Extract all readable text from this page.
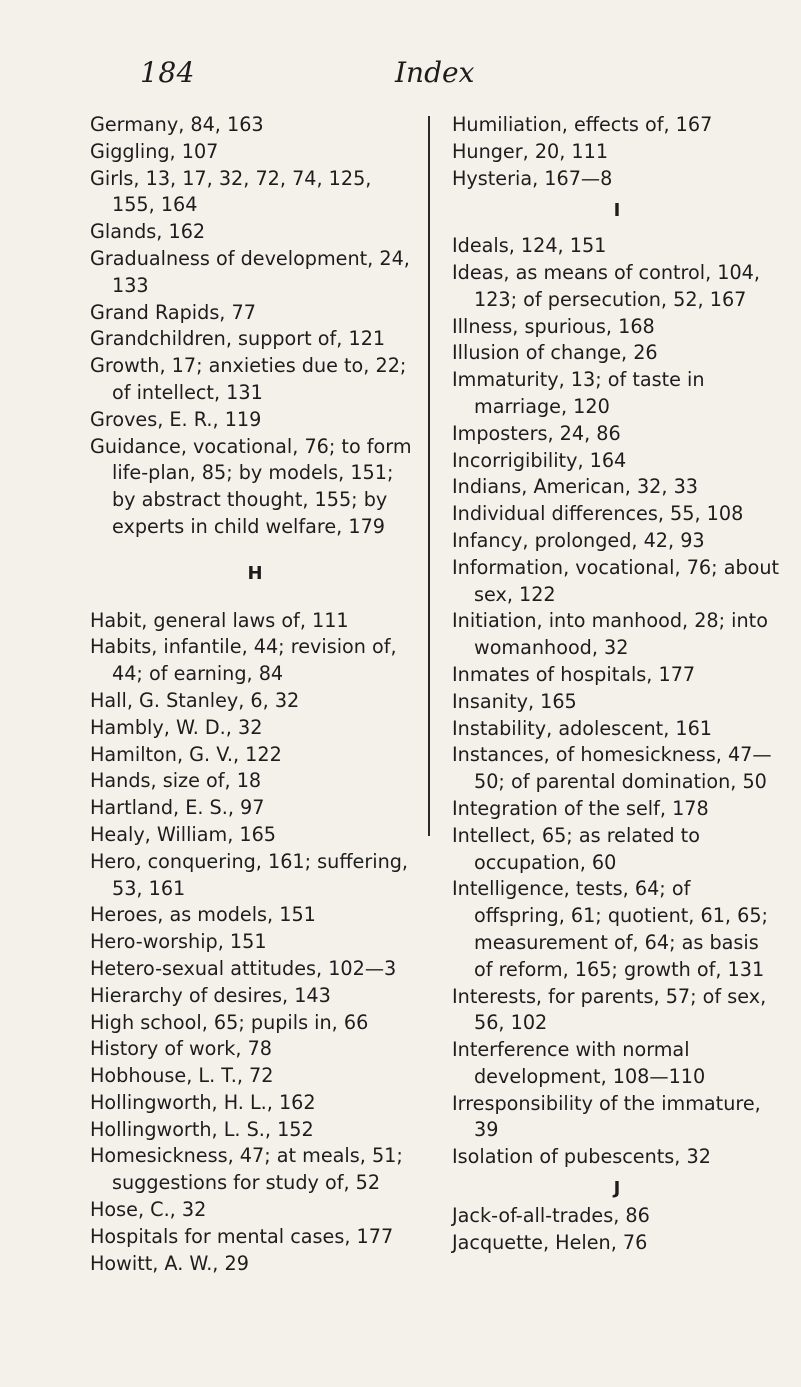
184	Index
Germany, 84, 163
Giggling, 107
Girls, 13, 17, 32, 72, 74, 125, 155, 164
Glands, 162
Gradualness of development, 24, 133
Grand Rapids, 77
Grandchildren, support of, 121
Growth, 17; anxieties due to, 22; of intellect, 131
Groves, E. R., 119
Guidance, vocational, 76; to form life-plan, 85; by models, 151; by abstract thought, 155; by experts in child welfare, 179
H
Habit, general laws of, 111
Habits, infantile, 44; revision of, 44; of earning, 84
Hall, G. Stanley, 6, 32
Hambly, W. D., 32
Hamilton, G. V., 122
Hands, size of, 18
Hartland, E. S., 97
Healy, William, 165
Hero, conquering, 161; suffering, 53, 161
Heroes, as models, 151
Hero-worship, 151
Hetero-sexual attitudes, 102—3
Hierarchy of desires, 143
High school, 65; pupils in, 66
History of work, 78
Hobhouse, L. T., 72
Hollingworth, H. L., 162
Hollingworth, L. S., 152
Homesickness, 47; at meals, 51; suggestions for study of, 52
Hose, C., 32
Hospitals for mental cases, 177
Howitt, A. W., 29
Humiliation, effects of, 167
Hunger, 20, 111
Hysteria, 167—8
I
Ideals, 124, 151
Ideas, as means of control, 104, 123; of persecution, 52, 167
Illness, spurious, 168
Illusion of change, 26
Immaturity, 13; of taste in marriage, 120
Imposters, 24, 86
Incorrigibility, 164
Indians, American, 32, 33
Individual differences, 55, 108
Infancy, prolonged, 42, 93
Information, vocational, 76; about sex, 122
Initiation, into manhood, 28; into womanhood, 32
Inmates of hospitals, 177
Insanity, 165
Instability, adolescent, 161
Instances, of homesickness, 47—50; of parental domination, 50
Integration of the self, 178
Intellect, 65; as related to occupation, 60
Intelligence, tests, 64; of offspring, 61; quotient, 61, 65; measurement of, 64; as basis of reform, 165; growth of, 131
Interests, for parents, 57; of sex, 56, 102
Interference with normal development, 108—110
Irresponsibility of the immature, 39
Isolation of pubescents, 32
J
Jack-of-all-trades, 86
Jacquette, Helen, 76
